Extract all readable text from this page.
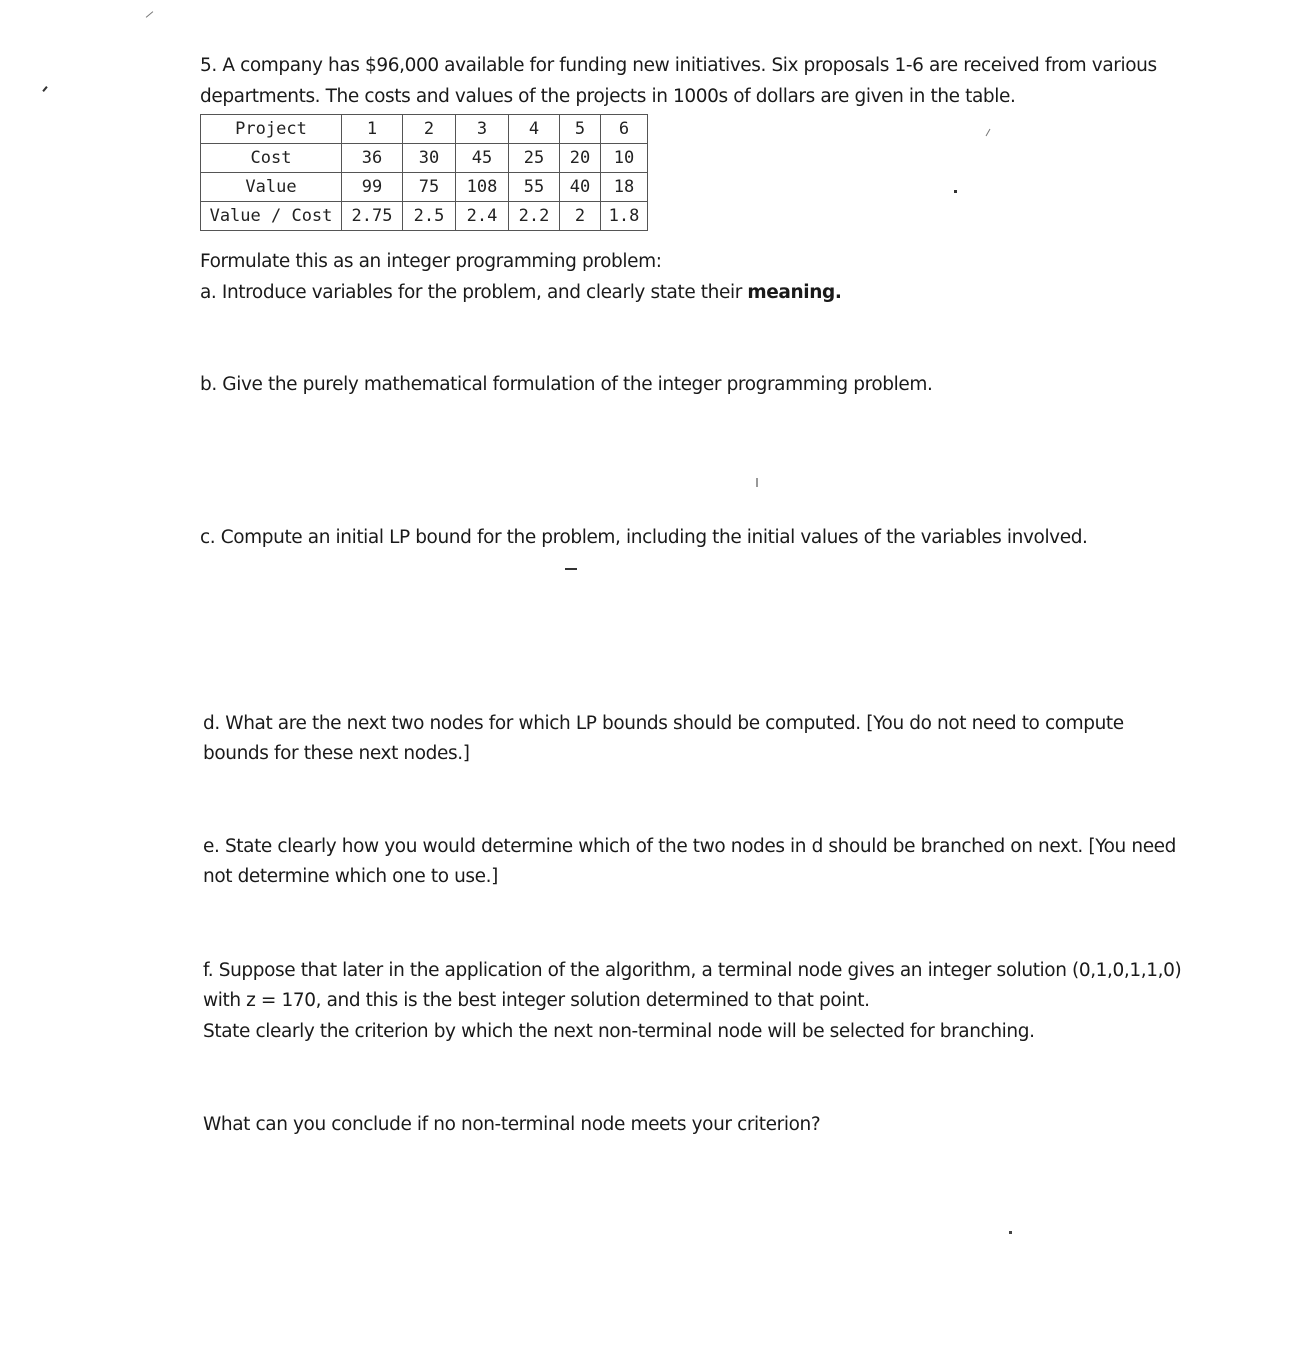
5. A company has $96,000 available for funding new initiatives. Six proposals 1-6 are received from various
departments. The costs and values of the projects in 1000s of dollars are given in the table.
Project	1	2	3	4	5	6
Cost	36	30	45	25	20	10
Value	99	75	108	55	40	18
Value / Cost	2.75	2.5	2.4	2.2	2	1.8
Formulate this as an integer programming problem:
a. Introduce variables for the problem, and clearly state their meaning.
b. Give the purely mathematical formulation of the integer programming problem.
c. Compute an initial LP bound for the problem, including the initial values of the variables involved.
d. What are the next two nodes for which LP bounds should be computed. [You do not need to compute
bounds for these next nodes.]
e. State clearly how you would determine which of the two nodes in d should be branched on next. [You need
not determine which one to use.]
f. Suppose that later in the application of the algorithm, a terminal node gives an integer solution (0,1,0,1,1,0)
with z = 170, and this is the best integer solution determined to that point.
State clearly the criterion by which the next non-terminal node will be selected for branching.
What can you conclude if no non-terminal node meets your criterion?
